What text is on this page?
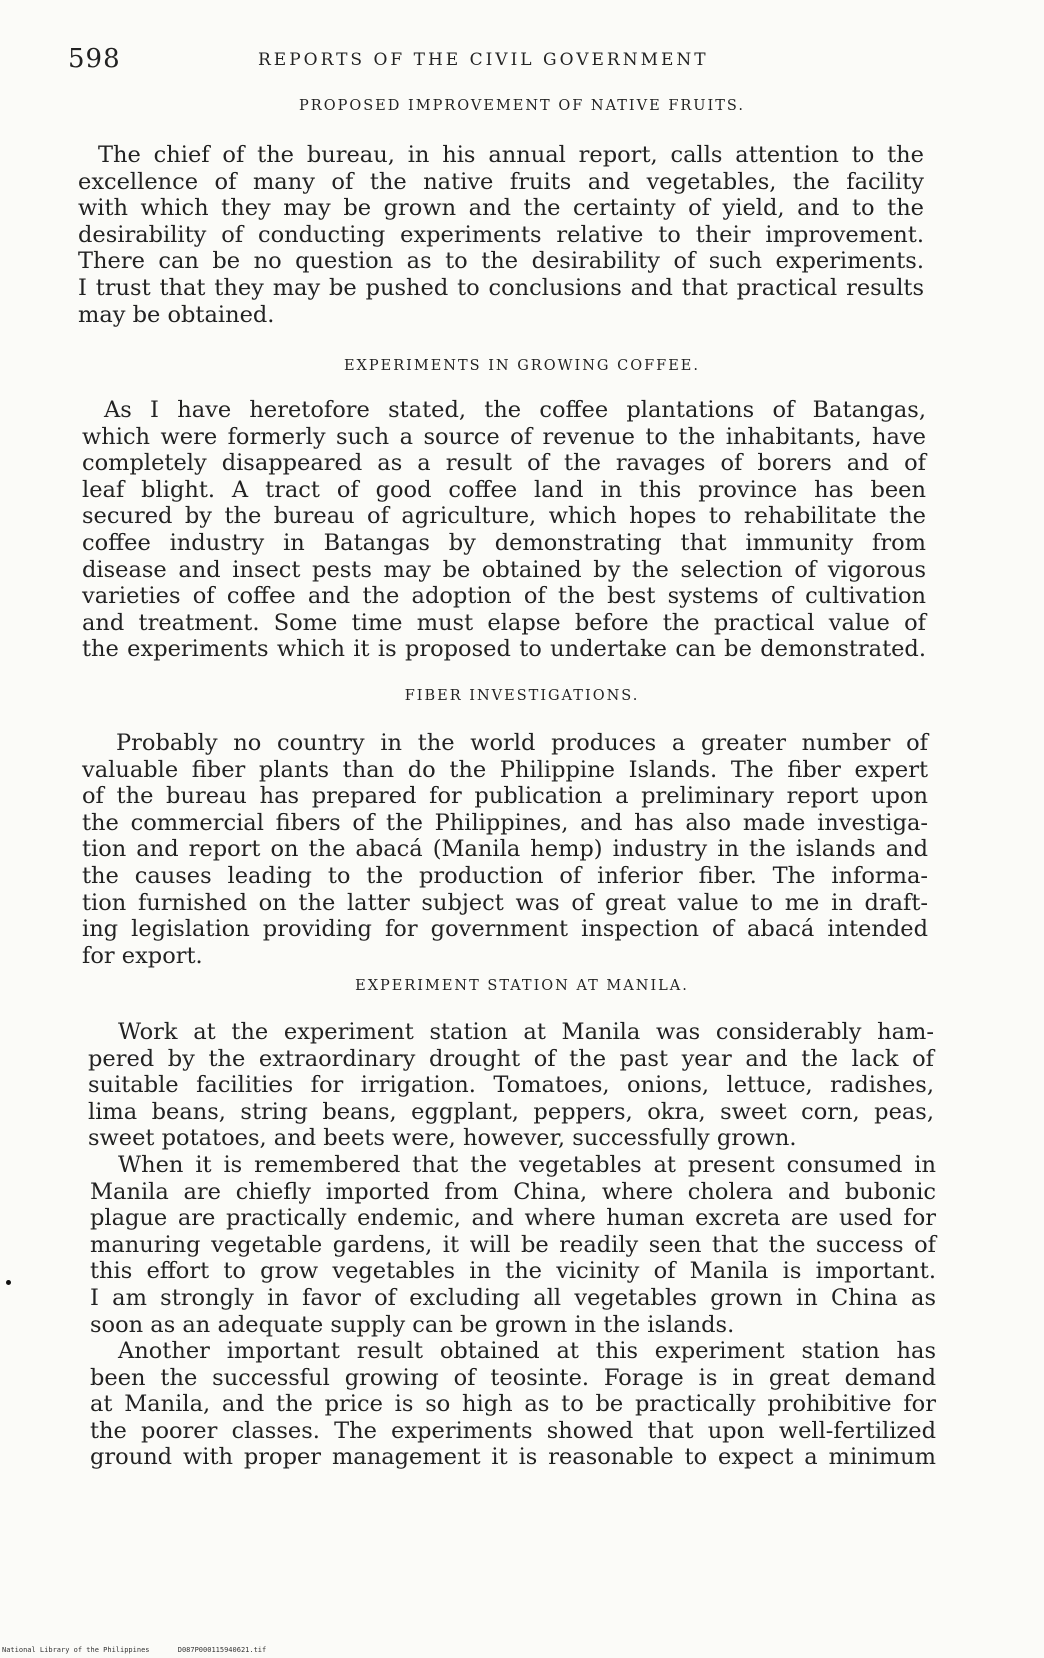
598	REPORTS OF THE CIVIL GOVERNMENT
PROPOSED IMPROVEMENT OF NATIVE FRUITS.
The chief of the bureau, in his annual report, calls attention to the
excellence of many of the native fruits and vegetables, the facility
with which they may be grown and the certainty of yield, and to the
desirability of conducting experiments relative to their improvement.
There can be no question as to the desirability of such experiments.
I trust that they may be pushed to conclusions and that practical results
may be obtained.
EXPERIMENTS IN GROWING COFFEE.
As I have heretofore stated, the coffee plantations of Batangas,
which were formerly such a source of revenue to the inhabitants, have
completely disappeared as a result of the ravages of borers and of
leaf blight. A tract of good coffee land in this province has been
secured by the bureau of agriculture, which hopes to rehabilitate the
coffee industry in Batangas by demonstrating that immunity from
disease and insect pests may be obtained by the selection of vigorous
varieties of coffee and the adoption of the best systems of cultivation
and treatment. Some time must elapse before the practical value of
the experiments which it is proposed to undertake can be demonstrated.
FIBER INVESTIGATIONS.
Probably no country in the world produces a greater number of
valuable fiber plants than do the Philippine Islands. The fiber expert
of the bureau has prepared for publication a preliminary report upon
the commercial fibers of the Philippines, and has also made investiga-
tion and report on the abacá (Manila hemp) industry in the islands and
the causes leading to the production of inferior fiber. The informa-
tion furnished on the latter subject was of great value to me in draft-
ing legislation providing for government inspection of abacá intended
for export.
EXPERIMENT STATION AT MANILA.
Work at the experiment station at Manila was considerably ham-
pered by the extraordinary drought of the past year and the lack of
suitable facilities for irrigation. Tomatoes, onions, lettuce, radishes,
lima beans, string beans, eggplant, peppers, okra, sweet corn, peas,
sweet potatoes, and beets were, however, successfully grown.
When it is remembered that the vegetables at present consumed in
Manila are chiefly imported from China, where cholera and bubonic
plague are practically endemic, and where human excreta are used for
manuring vegetable gardens, it will be readily seen that the success of
this effort to grow vegetables in the vicinity of Manila is important.
I am strongly in favor of excluding all vegetables grown in China as
soon as an adequate supply can be grown in the islands.
Another important result obtained at this experiment station has
been the successful growing of teosinte. Forage is in great demand
at Manila, and the price is so high as to be practically prohibitive for
the poorer classes. The experiments showed that upon well-fertilized
ground with proper management it is reasonable to expect a minimum
National Library of the Philippines	D087P000115940621.tif
